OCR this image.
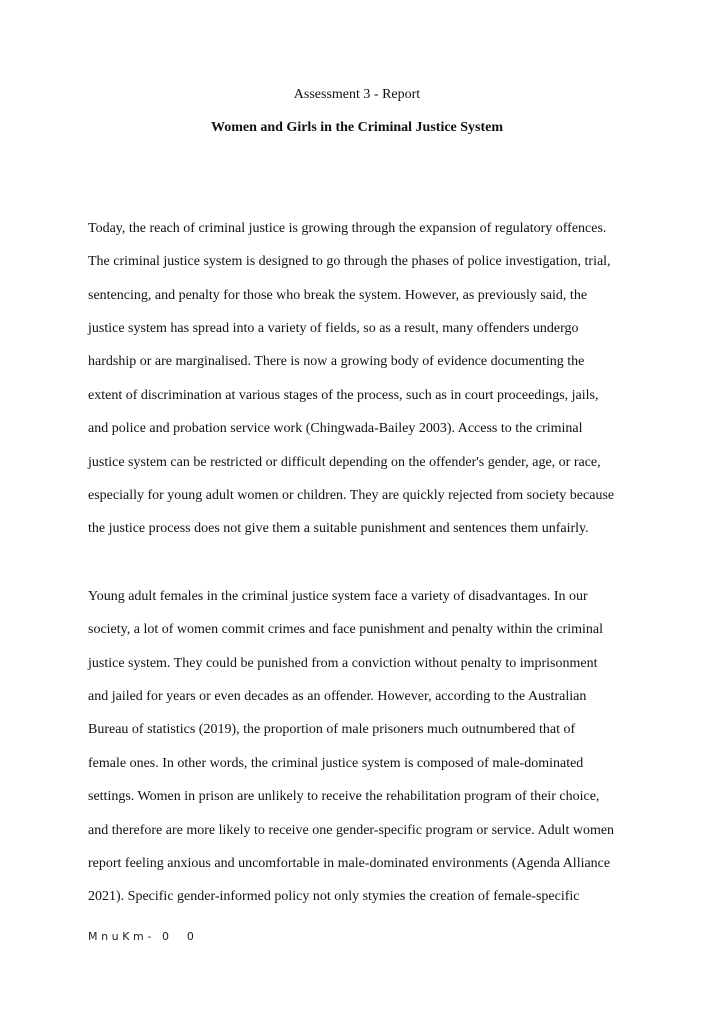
Assessment 3 - Report
Women and Girls in the Criminal Justice System
Today, the reach of criminal justice is growing through the expansion of regulatory offences.
The criminal justice system is designed to go through the phases of police investigation, trial,
sentencing, and penalty for those who break the system. However, as previously said, the
justice system has spread into a variety of fields, so as a result, many offenders undergo
hardship or are marginalised. There is now a growing body of evidence documenting the
extent of discrimination at various stages of the process, such as in court proceedings, jails,
and police and probation service work (Chingwada-Bailey 2003). Access to the criminal
justice system can be restricted or difficult depending on the offender's gender, age, or race,
especially for young adult women or children. They are quickly rejected from society because
the justice process does not give them a suitable punishment and sentences them unfairly.
Young adult females in the criminal justice system face a variety of disadvantages. In our
society, a lot of women commit crimes and face punishment and penalty within the criminal
justice system. They could be punished from a conviction without penalty to imprisonment
and jailed for years or even decades as an offender. However, according to the Australian
Bureau of statistics (2019), the proportion of male prisoners much outnumbered that of
female ones. In other words, the criminal justice system is composed of male-dominated
settings. Women in prison are unlikely to receive the rehabilitation program of their choice,
and therefore are more likely to receive one gender-specific program or service. Adult women
report feeling anxious and uncomfortable in male-dominated environments (Agenda Alliance
2021). Specific gender-informed policy not only stymies the creation of female-specific
MnuKm- 0  0
